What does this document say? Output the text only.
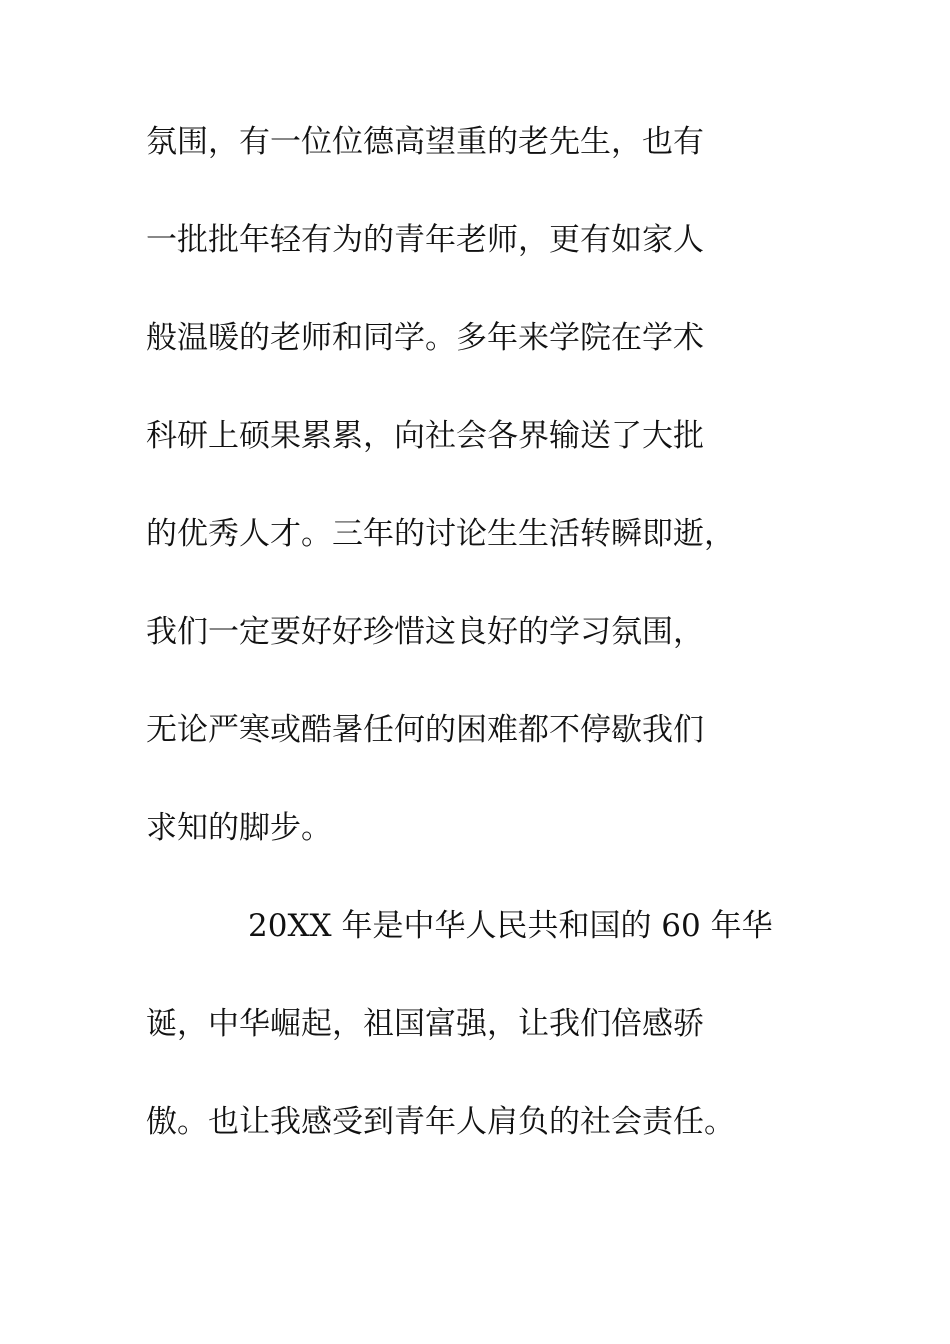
氛围，有一位位德高望重的老先生，也有
一批批年轻有为的青年老师，更有如家人
般温暖的老师和同学。多年来学院在学术
科研上硕果累累，向社会各界输送了大批
的优秀人才。三年的讨论生生活转瞬即逝，
我们一定要好好珍惜这良好的学习氛围，
无论严寒或酷暑任何的困难都不停歇我们
求知的脚步。
20XX 年是中华人民共和国的 60 年华
诞，中华崛起，祖国富强，让我们倍感骄
傲。也让我感受到青年人肩负的社会责任。
